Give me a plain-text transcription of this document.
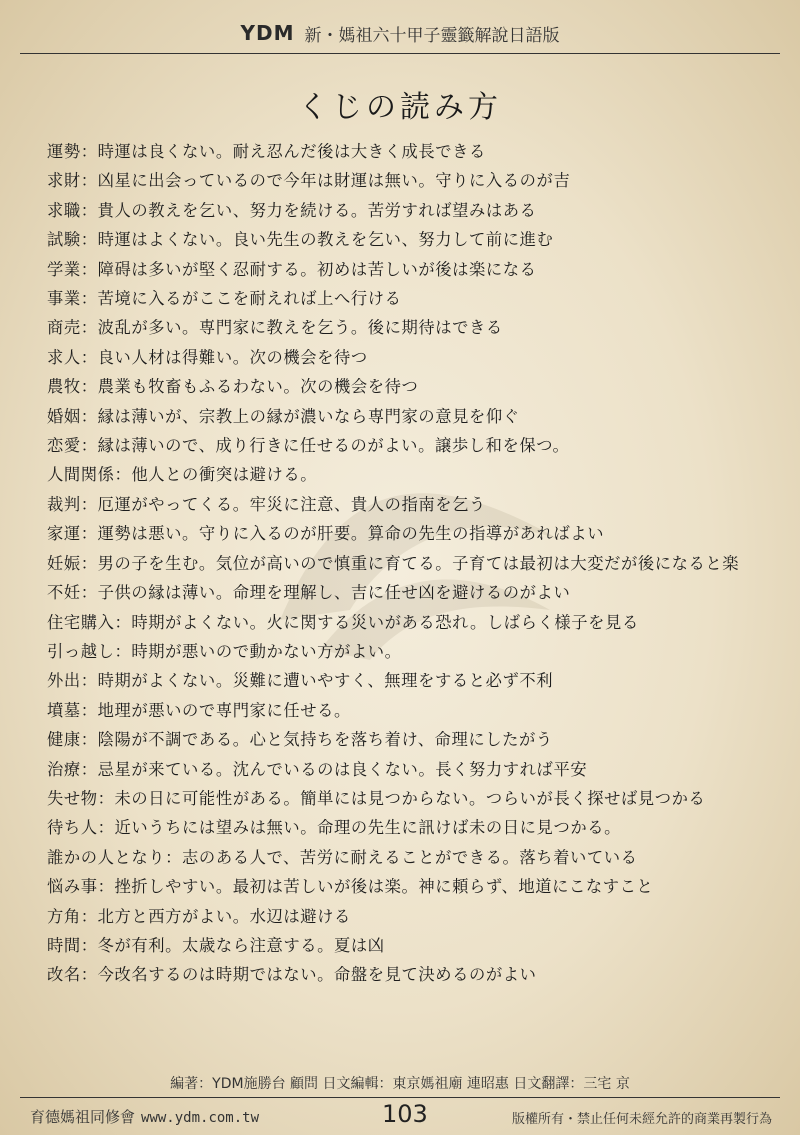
YDM 新・媽祖六十甲子靈籤解說日語版
くじの読み方
運勢：時運は良くない。耐え忍んだ後は大きく成長できる
求財：凶星に出会っているので今年は財運は無い。守りに入るのが吉
求職：貴人の教えを乞い、努力を続ける。苦労すれば望みはある
試験：時運はよくない。良い先生の教えを乞い、努力して前に進む
学業：障碍は多いが堅く忍耐する。初めは苦しいが後は楽になる
事業：苦境に入るがここを耐えれば上へ行ける
商売：波乱が多い。専門家に教えを乞う。後に期待はできる
求人：良い人材は得難い。次の機会を待つ
農牧：農業も牧畜もふるわない。次の機会を待つ
婚姻：縁は薄いが、宗教上の縁が濃いなら専門家の意見を仰ぐ
恋愛：縁は薄いので、成り行きに任せるのがよい。譲歩し和を保つ。
人間関係：他人との衝突は避ける。
裁判：厄運がやってくる。牢災に注意、貴人の指南を乞う
家運：運勢は悪い。守りに入るのが肝要。算命の先生の指導があればよい
妊娠：男の子を生む。気位が高いので慎重に育てる。子育ては最初は大変だが後になると楽
不妊：子供の縁は薄い。命理を理解し、吉に任せ凶を避けるのがよい
住宅購入：時期がよくない。火に関する災いがある恐れ。しばらく様子を見る
引っ越し：時期が悪いので動かない方がよい。
外出：時期がよくない。災難に遭いやすく、無理をすると必ず不利
墳墓：地理が悪いので専門家に任せる。
健康：陰陽が不調である。心と気持ちを落ち着け、命理にしたがう
治療：忌星が来ている。沈んでいるのは良くない。長く努力すれば平安
失せ物：未の日に可能性がある。簡単には見つからない。つらいが長く探せば見つかる
待ち人：近いうちには望みは無い。命理の先生に訊けば未の日に見つかる。
誰かの人となり：志のある人で、苦労に耐えることができる。落ち着いている
悩み事：挫折しやすい。最初は苦しいが後は楽。神に頼らず、地道にこなすこと
方角：北方と西方がよい。水辺は避ける
時間：冬が有利。太歳なら注意する。夏は凶
改名：今改名するのは時期ではない。命盤を見て決めるのがよい
編著：YDM施勝台 顧問 日文編輯：東京媽祖廟 連昭惠 日文翻譯：三宅 京
育德媽祖同修會 www.ydm.com.tw	103	版權所有・禁止任何未經允許的商業再製行為
